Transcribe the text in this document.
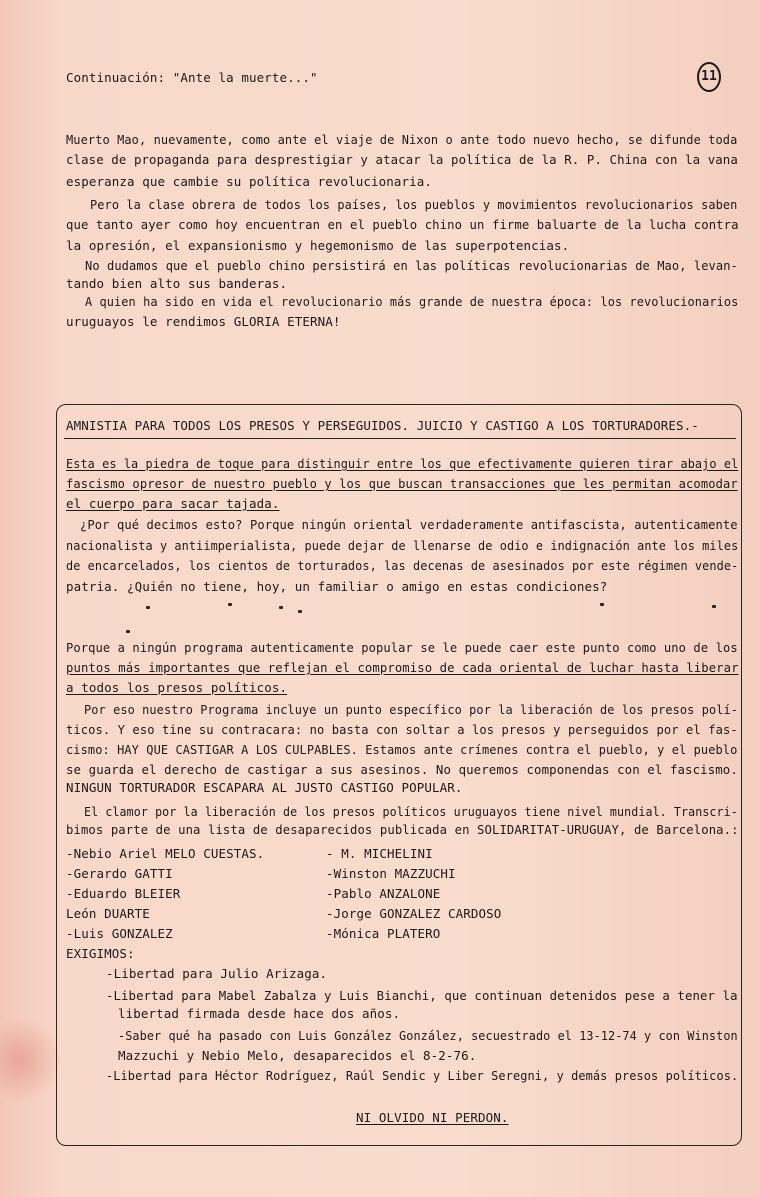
Continuación: "Ante la muerte..."	11
Muerto Mao, nuevamente, como ante el viaje de Nixon o ante todo nuevo hecho, se difunde toda
clase de propaganda para desprestigiar y atacar la política de la R. P. China con la vana
esperanza que cambie su política revolucionaria.
Pero la clase obrera de todos los países, los pueblos y movimientos revolucionarios saben
que tanto ayer como hoy encuentran en el pueblo chino un firme baluarte de la lucha contra
la opresión, el expansionismo y hegemonismo de las superpotencias.
No dudamos que el pueblo chino persistirá en las políticas revolucionarias de Mao, levan-
tando bien alto sus banderas.
A quien ha sido en vida el revolucionario más grande de nuestra época: los revolucionarios
uruguayos le rendimos GLORIA ETERNA!
AMNISTIA PARA TODOS LOS PRESOS Y PERSEGUIDOS. JUICIO Y CASTIGO A LOS TORTURADORES.-
Esta es la piedra de toque para distinguir entre los que efectivamente quieren tirar abajo el
fascismo opresor de nuestro pueblo y los que buscan transacciones que les permitan acomodar
el cuerpo para sacar tajada.
¿Por qué decimos esto? Porque ningún oriental verdaderamente antifascista, autenticamente
nacionalista y antiimperialista, puede dejar de llenarse de odio e indignación ante los miles
de encarcelados, los cientos de torturados, las decenas de asesinados por este régimen vende-
patria. ¿Quién no tiene, hoy, un familiar o amigo en estas condiciones?
Porque a ningún programa autenticamente popular se le puede caer este punto como uno de los
puntos más importantes que reflejan el compromiso de cada oriental de luchar hasta liberar
a todos los presos políticos.
Por eso nuestro Programa incluye un punto específico por la liberación de los presos polí-
ticos. Y eso tine su contracara: no basta con soltar a los presos y perseguidos por el fas-
cismo: HAY QUE CASTIGAR A LOS CULPABLES. Estamos ante crímenes contra el pueblo, y el pueblo
se guarda el derecho de castigar a sus asesinos. No queremos componendas con el fascismo.
NINGUN TORTURADOR ESCAPARA AL JUSTO CASTIGO POPULAR.
El clamor por la liberación de los presos políticos uruguayos tiene nivel mundial. Transcri-
bimos parte de una lista de desaparecidos publicada en SOLIDARITAT-URUGUAY, de Barcelona.:
-Nebio Ariel MELO CUESTAS.
-Gerardo GATTI
-Eduardo BLEIER
León DUARTE
-Luis GONZALEZ
- M. MICHELINI
-Winston MAZZUCHI
-Pablo ANZALONE
-Jorge GONZALEZ CARDOSO
-Mónica PLATERO
EXIGIMOS:
-Libertad para Julio Arizaga.
-Libertad para Mabel Zabalza y Luis Bianchi, que continuan detenidos pese a tener la
libertad firmada desde hace dos años.
-Saber qué ha pasado con Luis González González, secuestrado el 13-12-74 y con Winston
Mazzuchi y Nebio Melo, desaparecidos el 8-2-76.
-Libertad para Héctor Rodríguez, Raúl Sendic y Liber Seregni, y demás presos políticos.
NI OLVIDO NI PERDON.
